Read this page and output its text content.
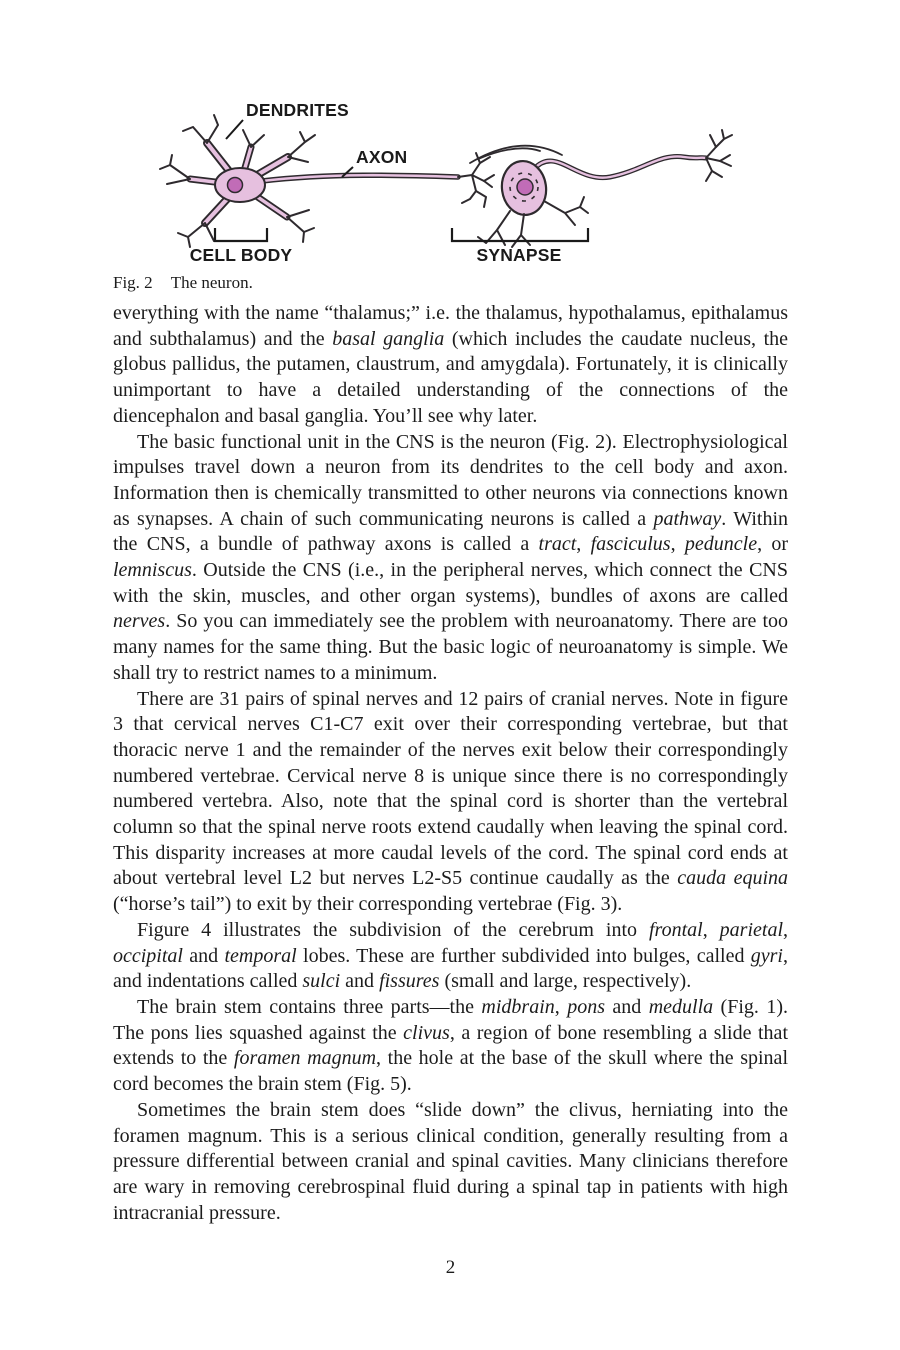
DENDRITES
AXON
CELL BODY	SYNAPSE
Fig. 2 The neuron.

everything with the name “thalamus;” i.e. the thalamus, hypothalamus, epithalamus and subthalamus) and the basal ganglia (which includes the caudate nucleus, the globus pallidus, the putamen, claustrum, and amygdala). Fortunately, it is clinically unimportant to have a detailed understanding of the connections of the diencephalon and basal ganglia. You’ll see why later.

The basic functional unit in the CNS is the neuron (Fig. 2). Electrophysiological impulses travel down a neuron from its dendrites to the cell body and axon. Information then is chemically transmitted to other neurons via connections known as synapses. A chain of such communicating neurons is called a pathway. Within the CNS, a bundle of pathway axons is called a tract, fasciculus, peduncle, or lemniscus. Outside the CNS (i.e., in the peripheral nerves, which connect the CNS with the skin, muscles, and other organ systems), bundles of axons are called nerves. So you can immediately see the problem with neuroanatomy. There are too many names for the same thing. But the basic logic of neuroanatomy is simple. We shall try to restrict names to a minimum.

There are 31 pairs of spinal nerves and 12 pairs of cranial nerves. Note in figure 3 that cervical nerves C1-C7 exit over their corresponding vertebrae, but that thoracic nerve 1 and the remainder of the nerves exit below their correspondingly numbered vertebrae. Cervical nerve 8 is unique since there is no correspondingly numbered vertebra. Also, note that the spinal cord is shorter than the vertebral column so that the spinal nerve roots extend caudally when leaving the spinal cord. This disparity increases at more caudal levels of the cord. The spinal cord ends at about vertebral level L2 but nerves L2-S5 continue caudally as the cauda equina (“horse’s tail”) to exit by their corresponding vertebrae (Fig. 3).

Figure 4 illustrates the subdivision of the cerebrum into frontal, parietal, occipital and temporal lobes. These are further subdivided into bulges, called gyri, and indentations called sulci and fissures (small and large, respectively).

The brain stem contains three parts—the midbrain, pons and medulla (Fig. 1). The pons lies squashed against the clivus, a region of bone resembling a slide that extends to the foramen magnum, the hole at the base of the skull where the spinal cord becomes the brain stem (Fig. 5).

Sometimes the brain stem does “slide down” the clivus, herniating into the foramen magnum. This is a serious clinical condition, generally resulting from a pressure differential between cranial and spinal cavities. Many clinicians therefore are wary in removing cerebrospinal fluid during a spinal tap in patients with high intracranial pressure.

2
